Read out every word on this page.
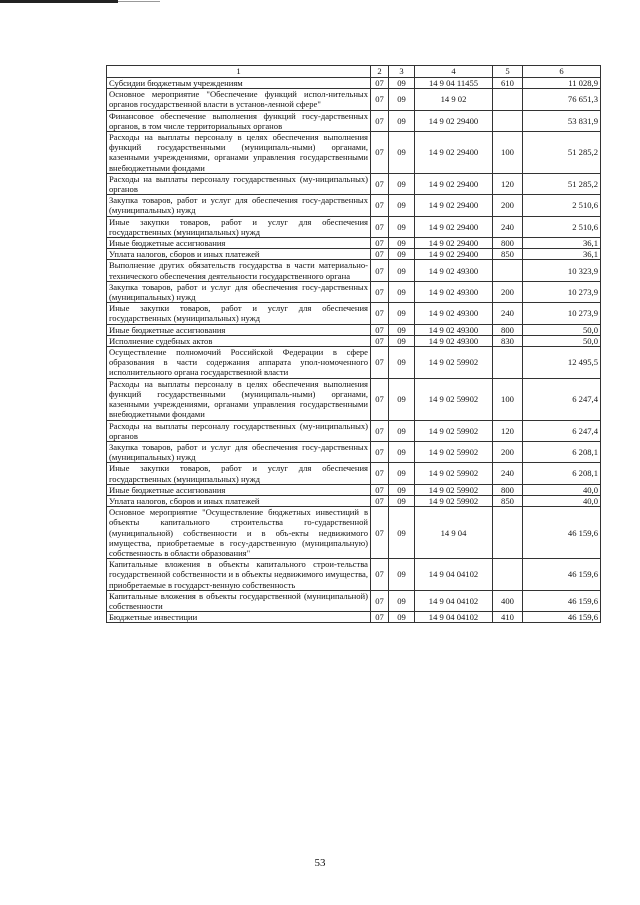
1	2	3	4	5	6
Субсидии бюджетным учреждениям	07	09	14 9 04 11455	610	11 028,9
Основное мероприятие "Обеспечение функций испол-нительных органов государственной власти в установ-ленной сфере"	07	09	14 9 02		76 651,3
Финансовое обеспечение выполнения функций госу-дарственных органов, в том числе территориальных органов	07	09	14 9 02 29400		53 831,9
Расходы на выплаты персоналу в целях обеспечения выполнения функций государственными (муниципаль-ными) органами, казенными учреждениями, органами управления государственными внебюджетными фондами	07	09	14 9 02 29400	100	51 285,2
Расходы на выплаты персоналу государственных (му-ниципальных) органов	07	09	14 9 02 29400	120	51 285,2
Закупка товаров, работ и услуг для обеспечения госу-дарственных (муниципальных) нужд	07	09	14 9 02 29400	200	2 510,6
Иные закупки товаров, работ и услуг для обеспечения государственных (муниципальных) нужд	07	09	14 9 02 29400	240	2 510,6
Иные бюджетные ассигнования	07	09	14 9 02 29400	800	36,1
Уплата налогов, сборов и иных платежей	07	09	14 9 02 29400	850	36,1
Выполнение других обязательств государства в части материально-технического обеспечения деятельности государственного органа	07	09	14 9 02 49300		10 323,9
Закупка товаров, работ и услуг для обеспечения госу-дарственных (муниципальных) нужд	07	09	14 9 02 49300	200	10 273,9
Иные закупки товаров, работ и услуг для обеспечения государственных (муниципальных) нужд	07	09	14 9 02 49300	240	10 273,9
Иные бюджетные ассигнования	07	09	14 9 02 49300	800	50,0
Исполнение судебных актов	07	09	14 9 02 49300	830	50,0
Осуществление полномочий Российской Федерации в сфере образования в части содержания аппарата упол-номоченного исполнительного органа государственной власти	07	09	14 9 02 59902		12 495,5
Расходы на выплаты персоналу в целях обеспечения выполнения функций государственными (муниципаль-ными) органами, казенными учреждениями, органами управления государственными внебюджетными фондами	07	09	14 9 02 59902	100	6 247,4
Расходы на выплаты персоналу государственных (му-ниципальных) органов	07	09	14 9 02 59902	120	6 247,4
Закупка товаров, работ и услуг для обеспечения госу-дарственных (муниципальных) нужд	07	09	14 9 02 59902	200	6 208,1
Иные закупки товаров, работ и услуг для обеспечения государственных (муниципальных) нужд	07	09	14 9 02 59902	240	6 208,1
Иные бюджетные ассигнования	07	09	14 9 02 59902	800	40,0
Уплата налогов, сборов и иных платежей	07	09	14 9 02 59902	850	40,0
Основное мероприятие "Осуществление бюджетных инвестиций в объекты капитального строительства го-сударственной (муниципальной) собственности и в объ-екты недвижимого имущества, приобретаемые в госу-дарственную (муниципальную) собственность в области образования"	07	09	14 9 04		46 159,6
Капитальные вложения в объекты капитального строи-тельства государственной собственности и в объекты недвижимого имущества, приобретаемые в государст-венную собственность	07	09	14 9 04 04102		46 159,6
Капитальные вложения в объекты государственной (муниципальной) собственности	07	09	14 9 04 04102	400	46 159,6
Бюджетные инвестиции	07	09	14 9 04 04102	410	46 159,6
53
